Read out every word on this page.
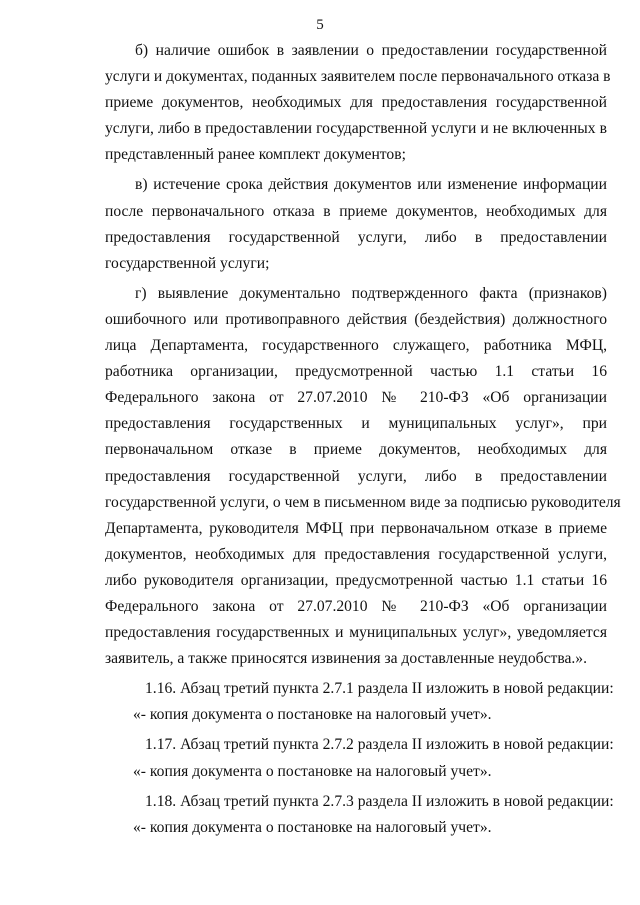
5

б) наличие ошибок в заявлении о предоставлении государственной
услуги и документах, поданных заявителем после первоначального отказа в
приеме документов, необходимых для предоставления государственной
услуги, либо в предоставлении государственной услуги и не включенных в
представленный ранее комплект документов;

в) истечение срока действия документов или изменение информации
после первоначального отказа в приеме документов, необходимых для
предоставления государственной услуги, либо в предоставлении
государственной услуги;

г) выявление документально подтвержденного факта (признаков)
ошибочного или противоправного действия (бездействия) должностного
лица Департамента, государственного служащего, работника МФЦ,
работника организации, предусмотренной частью 1.1 статьи 16
Федерального закона от 27.07.2010 № 210-ФЗ «Об организации
предоставления государственных и муниципальных услуг», при
первоначальном отказе в приеме документов, необходимых для
предоставления государственной услуги, либо в предоставлении
государственной услуги, о чем в письменном виде за подписью руководителя
Департамента, руководителя МФЦ при первоначальном отказе в приеме
документов, необходимых для предоставления государственной услуги,
либо руководителя организации, предусмотренной частью 1.1 статьи 16
Федерального закона от 27.07.2010 № 210-ФЗ «Об организации
предоставления государственных и муниципальных услуг», уведомляется
заявитель, а также приносятся извинения за доставленные неудобства.».

1.16. Абзац третий пункта 2.7.1 раздела II изложить в новой редакции:

«- копия документа о постановке на налоговый учет».

1.17. Абзац третий пункта 2.7.2 раздела II изложить в новой редакции:

«- копия документа о постановке на налоговый учет».

1.18. Абзац третий пункта 2.7.3 раздела II изложить в новой редакции:

«- копия документа о постановке на налоговый учет».
